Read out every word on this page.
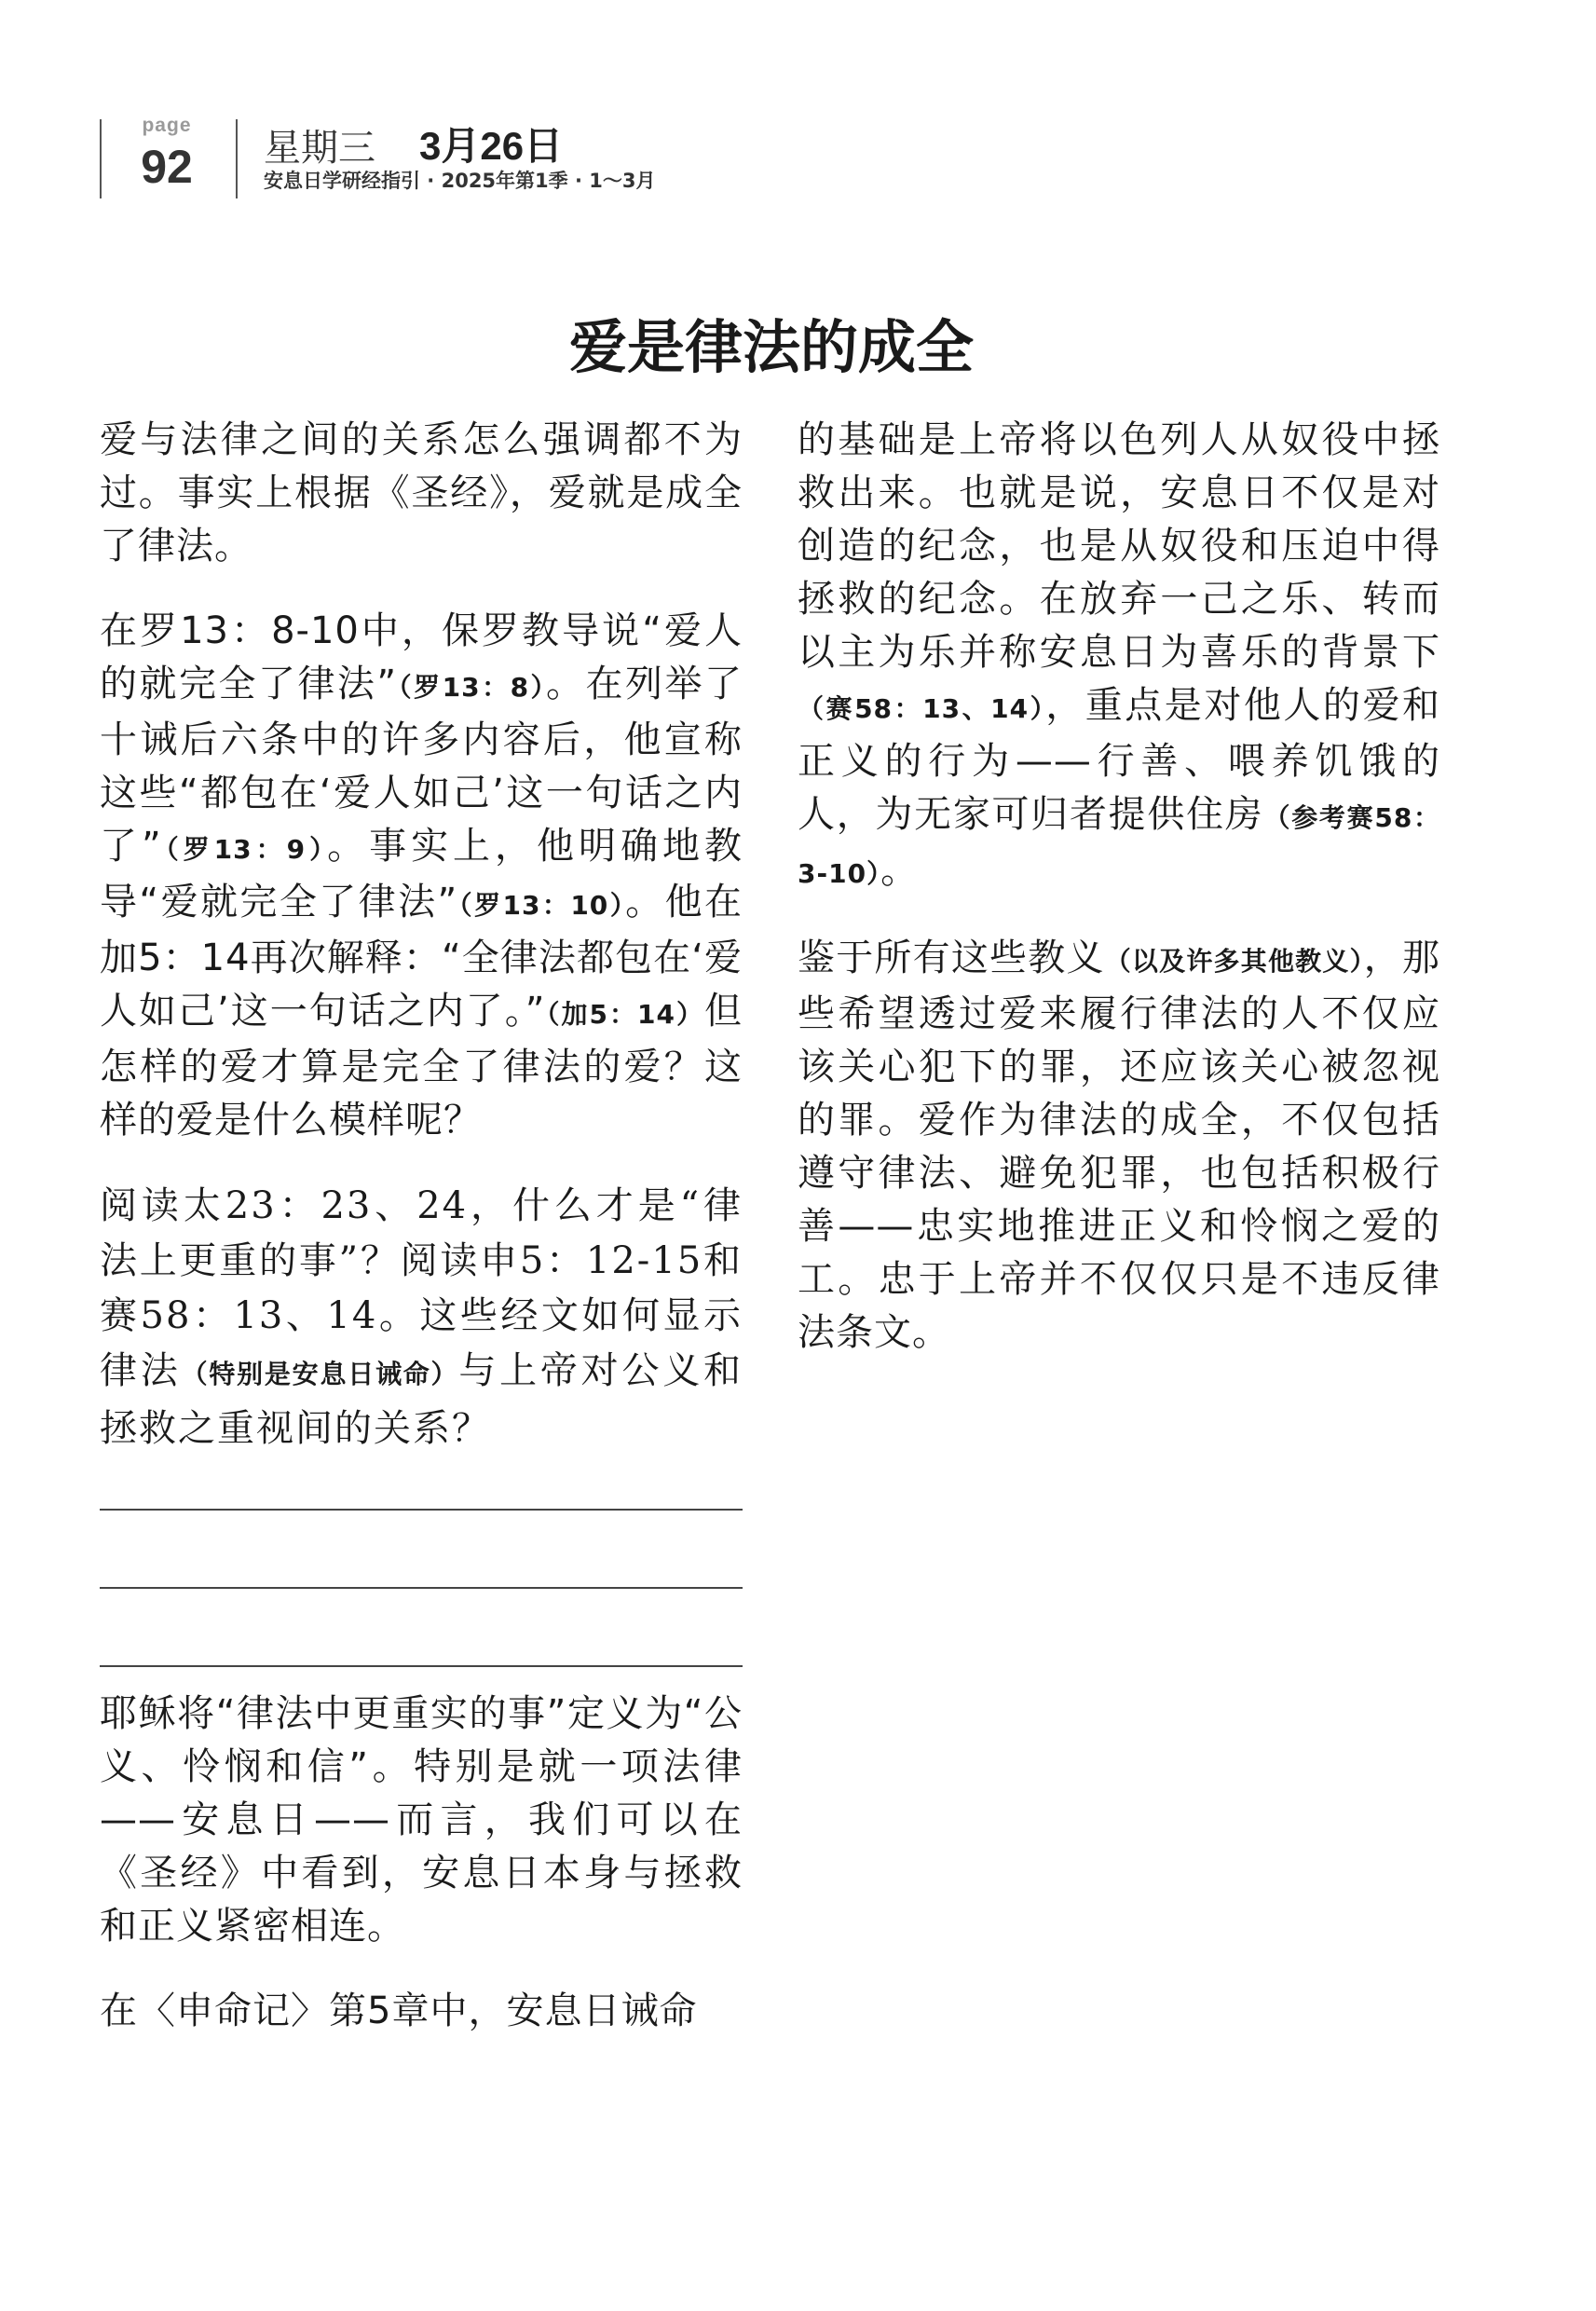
page
92	星期三 3月26日
安息日学研经指引 · 2025年第1季 · 1～3月
爱是律法的成全

爱与法律之间的关系怎么强调都不为过。事实上根据《圣经》，爱就是成全了律法。

在罗13：8-10中，保罗教导说“爱人的就完全了律法”（罗13：8）。在列举了十诫后六条中的许多内容后，他宣称这些“都包在‘爱人如己’这一句话之内了”（罗13：9）。事实上，他明确地教导“爱就完全了律法”（罗13：10）。他在加5：14再次解释：“全律法都包在‘爱人如己’这一句话之内了。”（加5：14）但怎样的爱才算是完全了律法的爱？这样的爱是什么模样呢？

阅读太23：23、24，什么才是“律法上更重的事”？阅读申5：12-15和赛58：13、14。这些经文如何显示律法（特别是安息日诫命）与上帝对公义和拯救之重视间的关系？

耶稣将“律法中更重实的事”定义为“公义、怜悯和信”。特别是就一项法律——安息日——而言，我们可以在《圣经》中看到，安息日本身与拯救和正义紧密相连。

在〈申命记〉第5章中，安息日诫命

的基础是上帝将以色列人从奴役中拯救出来。也就是说，安息日不仅是对创造的纪念，也是从奴役和压迫中得拯救的纪念。在放弃一己之乐、转而以主为乐并称安息日为喜乐的背景下（赛58：13、14），重点是对他人的爱和正义的行为——行善、喂养饥饿的人，为无家可归者提供住房（参考赛58：3-10）。

鉴于所有这些教义（以及许多其他教义），那些希望透过爱来履行律法的人不仅应该关心犯下的罪，还应该关心被忽视的罪。爱作为律法的成全，不仅包括遵守律法、避免犯罪，也包括积极行善——忠实地推进正义和怜悯之爱的工。忠于上帝并不仅仅只是不违反律法条文。
